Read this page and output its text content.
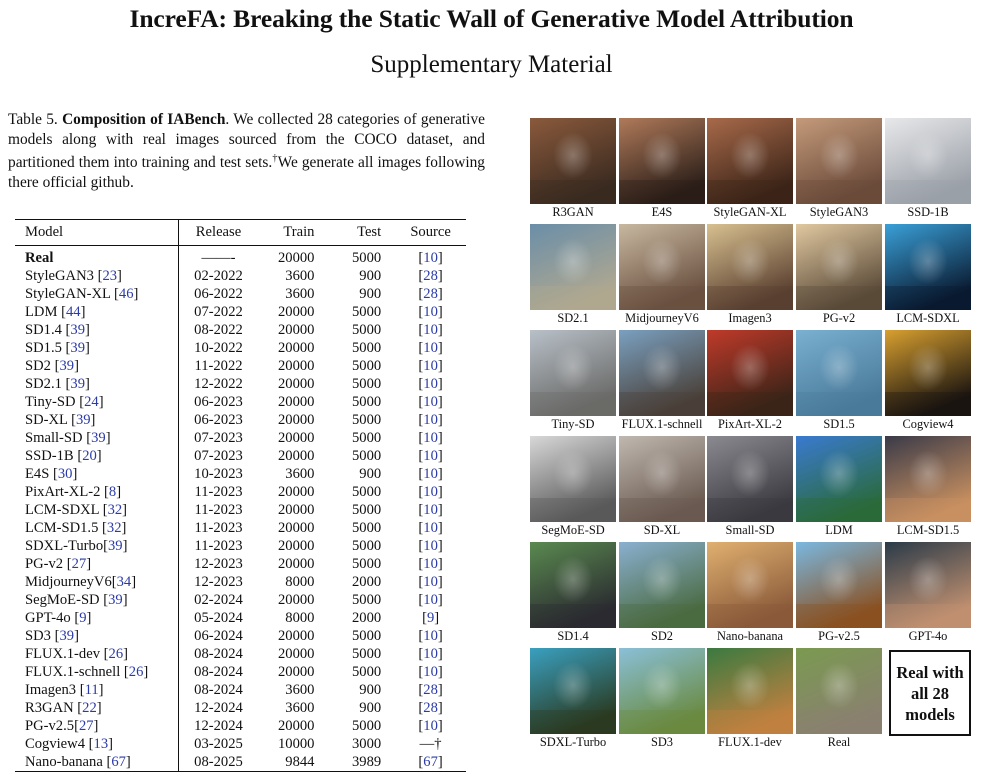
IncreFA: Breaking the Static Wall of Generative Model Attribution
Supplementary Material
Table 5. Composition of IABench. We collected 28 categories of generative models along with real images sourced from the COCO dataset, and partitioned them into training and test sets.†We generate all images following there official github.
Model	Release	Train	Test	Source
Real	——-	20000	5000	[10]
StyleGAN3 [23]	02-2022	3600	900	[28]
StyleGAN-XL [46]	06-2022	3600	900	[28]
LDM [44]	07-2022	20000	5000	[10]
SD1.4 [39]	08-2022	20000	5000	[10]
SD1.5 [39]	10-2022	20000	5000	[10]
SD2 [39]	11-2022	20000	5000	[10]
SD2.1 [39]	12-2022	20000	5000	[10]
Tiny-SD [24]	06-2023	20000	5000	[10]
SD-XL [39]	06-2023	20000	5000	[10]
Small-SD [39]	07-2023	20000	5000	[10]
SSD-1B [20]	07-2023	20000	5000	[10]
E4S [30]	10-2023	3600	900	[10]
PixArt-XL-2 [8]	11-2023	20000	5000	[10]
LCM-SDXL [32]	11-2023	20000	5000	[10]
LCM-SD1.5 [32]	11-2023	20000	5000	[10]
SDXL-Turbo[39]	11-2023	20000	5000	[10]
PG-v2 [27]	12-2023	20000	5000	[10]
MidjourneyV6[34]	12-2023	8000	2000	[10]
SegMoE-SD [39]	02-2024	20000	5000	[10]
GPT-4o [9]	05-2024	8000	2000	[9]
SD3 [39]	06-2024	20000	5000	[10]
FLUX.1-dev [26]	08-2024	20000	5000	[10]
FLUX.1-schnell [26]	08-2024	20000	5000	[10]
Imagen3 [11]	08-2024	3600	900	[28]
R3GAN [22]	12-2024	3600	900	[28]
PG-v2.5[27]	12-2024	20000	5000	[10]
Cogview4 [13]	03-2025	10000	3000	—†
Nano-banana [67]	08-2025	9844	3989	[67]
R3GAN	E4S	StyleGAN-XL	StyleGAN3	SSD-1B
SD2.1	MidjourneyV6	Imagen3	PG-v2	LCM-SDXL
Tiny-SD	FLUX.1-schnell	PixArt-XL-2	SD1.5	Cogview4
SegMoE-SD	SD-XL	Small-SD	LDM	LCM-SD1.5
SD1.4	SD2	Nano-banana	PG-v2.5	GPT-4o
SDXL-Turbo	SD3	FLUX.1-dev	Real
Real with
all 28
models
